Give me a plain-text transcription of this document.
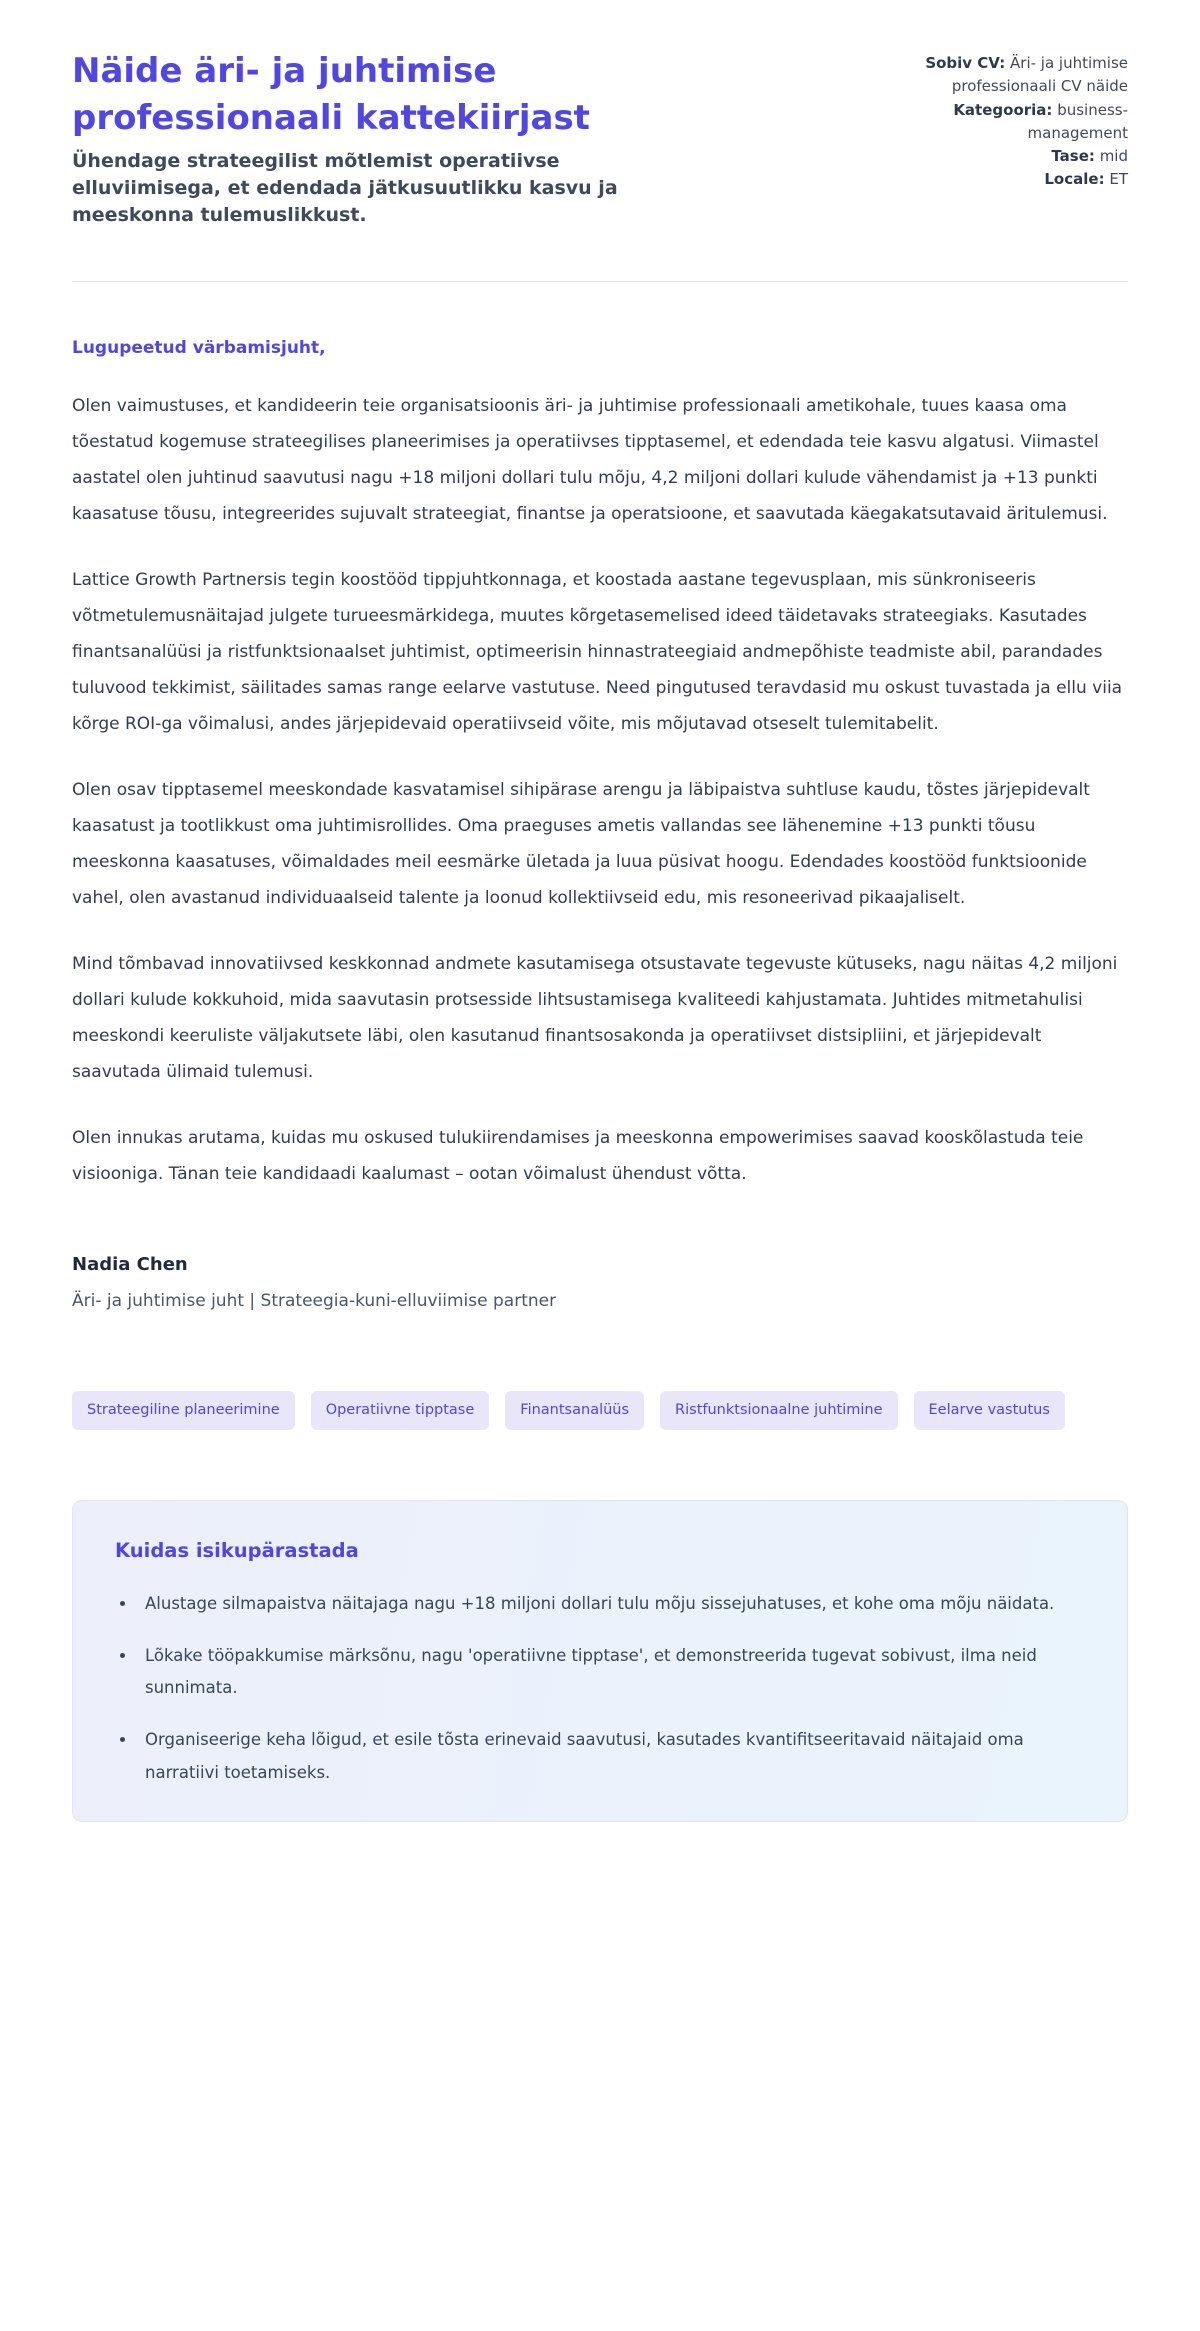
Näide äri- ja juhtimise professionaali kattekiirjast

Ühendage strateegilist mõtlemist operatiivse elluviimisega, et edendada jätkusuutlikku kasvu ja meeskonna tulemuslikkust.

Sobiv CV: Äri- ja juhtimise professionaali CV näide
Kategooria: business-management
Tase: mid
Locale: ET

Lugupeetud värbamisjuht,

Olen vaimustuses, et kandideerin teie organisatsioonis äri- ja juhtimise professionaali ametikohale, tuues kaasa oma tõestatud kogemuse strateegilises planeerimises ja operatiivses tipptasemel, et edendada teie kasvu algatusi. Viimastel aastatel olen juhtinud saavutusi nagu +18 miljoni dollari tulu mõju, 4,2 miljoni dollari kulude vähendamist ja +13 punkti kaasatuse tõusu, integreerides sujuvalt strateegiat, finantse ja operatsioone, et saavutada käegakatsutavaid äritulemusi.

Lattice Growth Partnersis tegin koostööd tippjuhtkonnaga, et koostada aastane tegevusplaan, mis sünkroniseeris võtmetulemusnäitajad julgete turueesmärkidega, muutes kõrgetasemelised ideed täidetavaks strateegiaks. Kasutades finantsanalüüsi ja ristfunktsionaalset juhtimist, optimeerisin hinnastrateegiaid andmepõhiste teadmiste abil, parandades tuluvood tekkimist, säilitades samas range eelarve vastutuse. Need pingutused teravdasid mu oskust tuvastada ja ellu viia kõrge ROI-ga võimalusi, andes järjepidevaid operatiivseid võite, mis mõjutavad otseselt tulemitabelit.

Olen osav tipptasemel meeskondade kasvatamisel sihipärase arengu ja läbipaistva suhtluse kaudu, tõstes järjepidevalt kaasatust ja tootlikkust oma juhtimisrollides. Oma praeguses ametis vallandas see lähenemine +13 punkti tõusu meeskonna kaasatuses, võimaldades meil eesmärke ületada ja luua püsivat hoogu. Edendades koostööd funktsioonide vahel, olen avastanud individuaalseid talente ja loonud kollektiivseid edu, mis resoneerivad pikaajaliselt.

Mind tõmbavad innovatiivsed keskkonnad andmete kasutamisega otsustavate tegevuste kütuseks, nagu näitas 4,2 miljoni dollari kulude kokkuhoid, mida saavutasin protsesside lihtsustamisega kvaliteedi kahjustamata. Juhtides mitmetahulisi meeskondi keeruliste väljakutsete läbi, olen kasutanud finantsosakonda ja operatiivset distsipliini, et järjepidevalt saavutada ülimaid tulemusi.

Olen innukas arutama, kuidas mu oskused tulukiirendamises ja meeskonna empowerimises saavad kooskõlastuda teie visiooniga. Tänan teie kandidaadi kaalumast – ootan võimalust ühendust võtta.

Nadia Chen

Äri- ja juhtimise juht | Strateegia-kuni-elluviimise partner

Strateegiline planeerimine	Operatiivne tipptase	Finantsanalüüs	Ristfunktsionaalne juhtimine	Eelarve vastutus
Kuidas isikupärastada
• Alustage silmapaistva näitajaga nagu +18 miljoni dollari tulu mõju sissejuhatuses, et kohe oma mõju näidata.
• Lõkake tööpakkumise märksõnu, nagu 'operatiivne tipptase', et demonstreerida tugevat sobivust, ilma neid sunnimata.
• Organiseerige keha lõigud, et esile tõsta erinevaid saavutusi, kasutades kvantifitseeritavaid näitajaid oma narratiivi toetamiseks.
